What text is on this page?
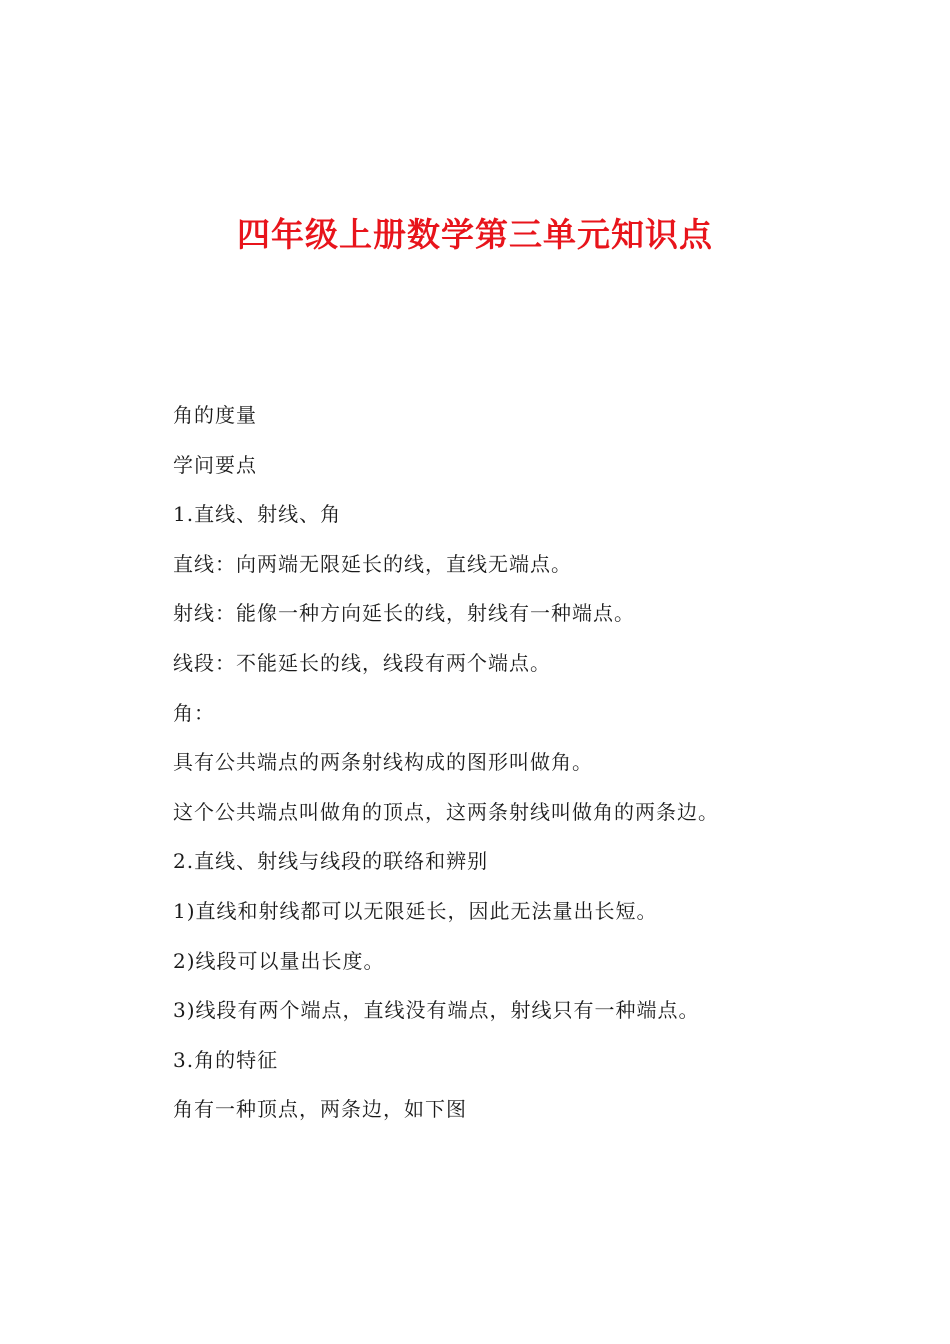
四年级上册数学第三单元知识点
角的度量
学问要点
1.直线、射线、角
直线：向两端无限延长的线，直线无端点。
射线：能像一种方向延长的线，射线有一种端点。
线段：不能延长的线，线段有两个端点。
角：
具有公共端点的两条射线构成的图形叫做角。
这个公共端点叫做角的顶点，这两条射线叫做角的两条边。
2.直线、射线与线段的联络和辨别
1)直线和射线都可以无限延长，因此无法量出长短。
2)线段可以量出长度。
3)线段有两个端点，直线没有端点，射线只有一种端点。
3.角的特征
角有一种顶点，两条边，如下图
